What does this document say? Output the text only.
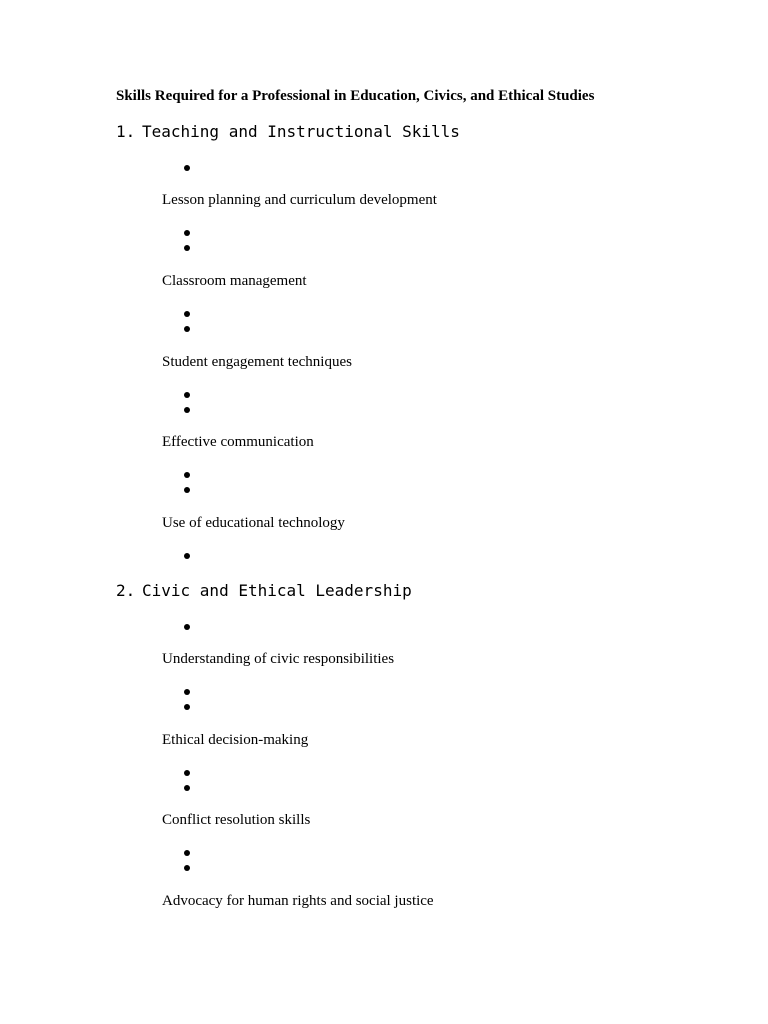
Skills Required for a Professional in Education, Civics, and Ethical Studies
1. Teaching and Instructional Skills
Lesson planning and curriculum development
Classroom management
Student engagement techniques
Effective communication
Use of educational technology
2. Civic and Ethical Leadership
Understanding of civic responsibilities
Ethical decision-making
Conflict resolution skills
Advocacy for human rights and social justice
